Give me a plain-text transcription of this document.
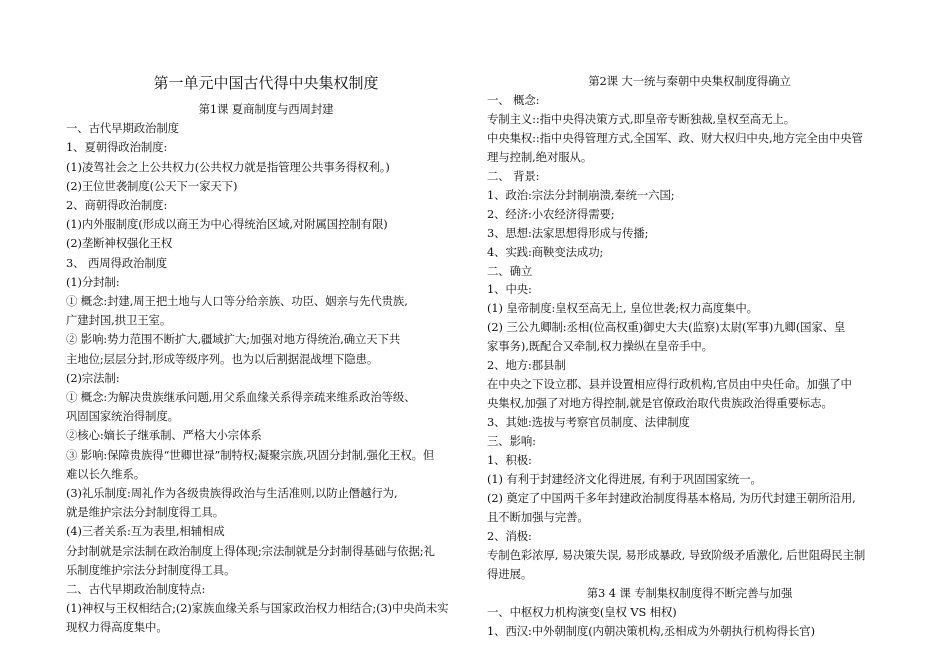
第一单元中国古代得中央集权制度
第1课 夏商制度与西周封建
一、古代早期政治制度
1、夏朝得政治制度:
(1)凌驾社会之上公共权力(公共权力就是指管理公共事务得权利。)
(2)王位世袭制度(公天下一家天下)
2、商朝得政治制度:
(1)内外服制度(形成以商王为中心得统治区域,对附属国控制有限)
(2)垄断神权强化王权
3、 西周得政治制度
(1)分封制:
① 概念:封建,周王把土地与人口等分给亲族、功臣、姻亲与先代贵族,
广建封国,拱卫王室。
② 影响:势力范围不断扩大,疆域扩大;加强对地方得统治,确立天下共
主地位;层层分封,形成等级序列。也为以后割据混战埋下隐患。
(2)宗法制:
① 概念:为解决贵族继承问题,用父系血缘关系得亲疏来维系政治等级、
巩固国家统治得制度。
②核心:嫡长子继承制、严格大小宗体系
③ 影响:保障贵族得“世卿世禄”制特权;凝聚宗族,巩固分封制,强化王权。但
难以长久维系。
(3)礼乐制度:周礼作为各级贵族得政治与生活准则,以防止僭越行为,
就是维护宗法分封制度得工具。
(4)三者关系:互为表里,相辅相成
分封制就是宗法制在政治制度上得体现;宗法制就是分封制得基础与依据;礼
乐制度维护宗法分封制度得工具。
二、古代早期政治制度特点:
(1)神权与王权相结合;(2)家族血缘关系与国家政治权力相结合;(3)中央尚未实
现权力得高度集中。
第2课 大一统与秦朝中央集权制度得确立
一、 概念:
专制主义::指中央得决策方式,即皇帝专断独裁,皇权至高无上。
中央集权::指中央得管理方式,全国军、政、财大权归中央,地方完全由中央管
理与控制,绝对服从。
二、 背景:
1、政治:宗法分封制崩溃,秦统一六国;
2、经济:小农经济得需要;
3、思想:法家思想得形成与传播;
4、实践:商鞅变法成功;
二、确立
1、中央:
(1) 皇帝制度:皇权至高无上, 皇位世袭;权力高度集中。
(2) 三公九卿制:丞相(位高权重)御史大夫(监察)太尉(军事)九卿(国家、皇
家事务),既配合又牵制,权力操纵在皇帝手中。
2、地方:郡县制
在中央之下设立郡、县并设置相应得行政机构,官员由中央任命。加强了中
央集权,加强了对地方得控制,就是官僚政治取代贵族政治得重要标志。
3、其她:选拔与考察官员制度、法律制度
三、影响:
1、积极:
(1) 有利于封建经济文化得进展, 有利于巩固国家统一。
(2) 奠定了中国两千多年封建政治制度得基本格局, 为历代封建王朝所沿用,
且不断加强与完善。
2、消极:
专制色彩浓厚, 易决策失误, 易形成暴政, 导致阶级矛盾激化, 后世阻碍民主制
得进展。
第3 4 课 专制集权制度得不断完善与加强
一、中枢权力机构演变(皇权 VS 相权)
1、西汉:中外朝制度(内朝决策机构,丞相成为外朝执行机构得长官)
